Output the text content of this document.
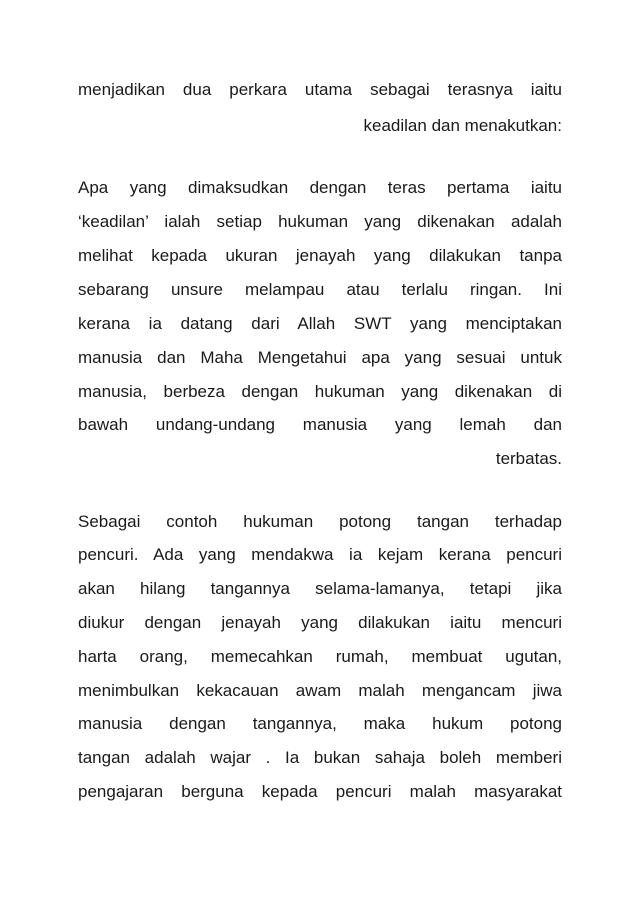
menjadikan dua perkara utama sebagai terasnya iaitu
keadilan dan menakutkan:
Apa yang dimaksudkan dengan teras pertama iaitu
‘keadilan’ ialah setiap hukuman yang dikenakan adalah
melihat kepada ukuran jenayah yang dilakukan tanpa
sebarang unsure melampau atau terlalu ringan. Ini
kerana ia datang dari Allah SWT yang menciptakan
manusia dan Maha Mengetahui apa yang sesuai untuk
manusia, berbeza dengan hukuman yang dikenakan di
bawah undang-undang manusia yang lemah dan
terbatas.
Sebagai contoh hukuman potong tangan terhadap
pencuri. Ada yang mendakwa ia kejam kerana pencuri
akan hilang tangannya selama-lamanya, tetapi jika
diukur dengan jenayah yang dilakukan iaitu mencuri
harta orang, memecahkan rumah, membuat ugutan,
menimbulkan kekacauan awam malah mengancam jiwa
manusia dengan tangannya, maka hukum potong
tangan adalah wajar . Ia bukan sahaja boleh memberi
pengajaran berguna kepada pencuri malah masyarakat
